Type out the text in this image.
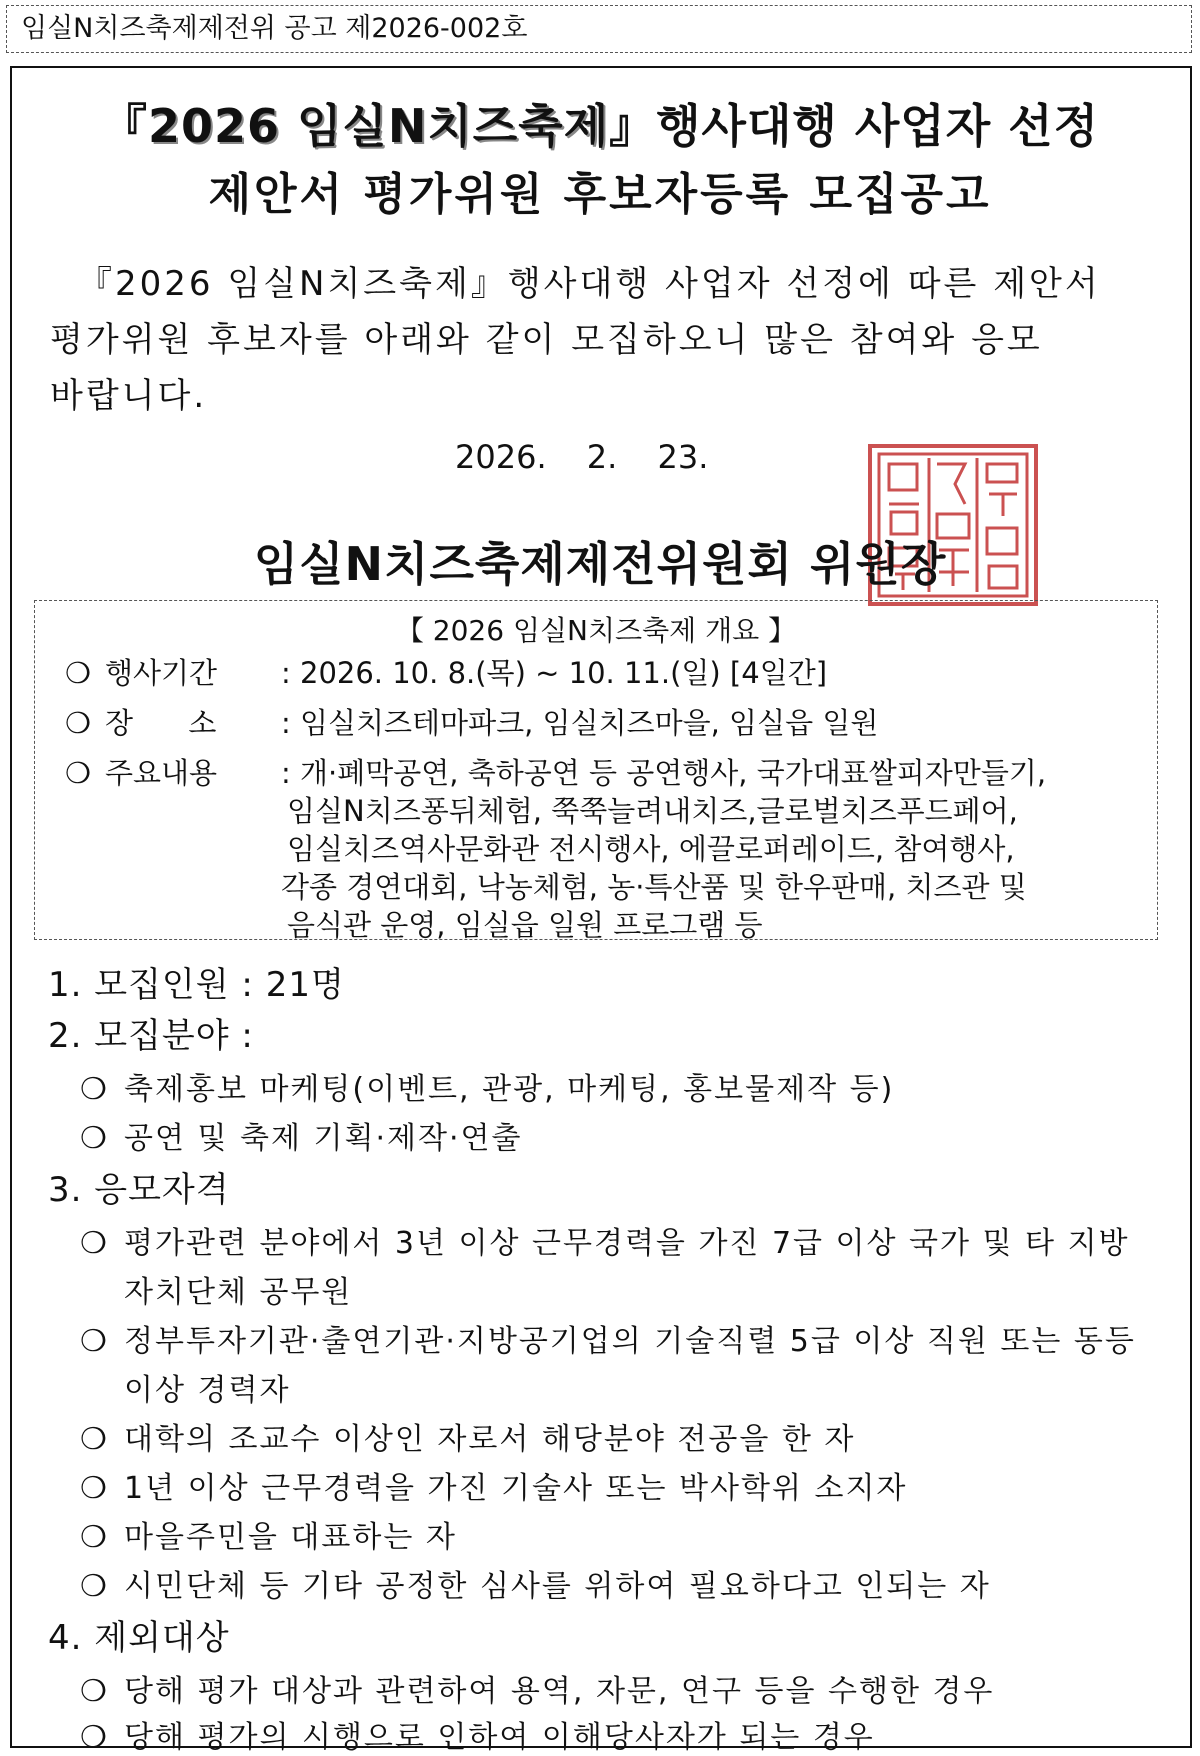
임실N치즈축제제전위 공고 제2026-002호
『2026 임실N치즈축제』행사대행 사업자 선정
제안서 평가위원 후보자등록 모집공고

『2026 임실N치즈축제』행사대행 사업자 선정에 따른 제안서

평가위원 후보자를 아래와 같이 모집하오니 많은 참여와 응모

바랍니다.

2026. 2. 23.
임실N치즈축제제전위원회 위원장
【 2026 임실N치즈축제 개요 】
❍ 행사기간	: 2026. 10. 8.(목) ~ 10. 11.(일) [4일간]
❍ 장      소	: 임실치즈테마파크, 임실치즈마을, 임실읍 일원
❍ 주요내용	: 개·폐막공연, 축하공연 등 공연행사, 국가대표쌀피자만들기,
임실N치즈퐁뒤체험, 쭉쭉늘려내치즈,글로벌치즈푸드페어,
임실치즈역사문화관 전시행사, 에끌로퍼레이드, 참여행사,
각종 경연대회, 낙농체험, 농·특산품 및 한우판매, 치즈관 및
음식관 운영, 임실읍 일원 프로그램 등
1. 모집인원 : 21명
2. 모집분야 :
❍ 축제홍보 마케팅(이벤트, 관광, 마케팅, 홍보물제작 등)
❍ 공연 및 축제 기획·제작·연출
3. 응모자격
❍ 평가관련 분야에서 3년 이상 근무경력을 가진 7급 이상 국가 및 타 지방
자치단체 공무원
❍ 정부투자기관·출연기관·지방공기업의 기술직렬 5급 이상 직원 또는 동등
이상 경력자
❍ 대학의 조교수 이상인 자로서 해당분야 전공을 한 자
❍ 1년 이상 근무경력을 가진 기술사 또는 박사학위 소지자
❍ 마을주민을 대표하는 자
❍ 시민단체 등 기타 공정한 심사를 위하여 필요하다고 인되는 자
4. 제외대상
❍ 당해 평가 대상과 관련하여 용역, 자문, 연구 등을 수행한 경우
❍ 당해 평가의 시행으로 인하여 이해당사자가 되는 경우
